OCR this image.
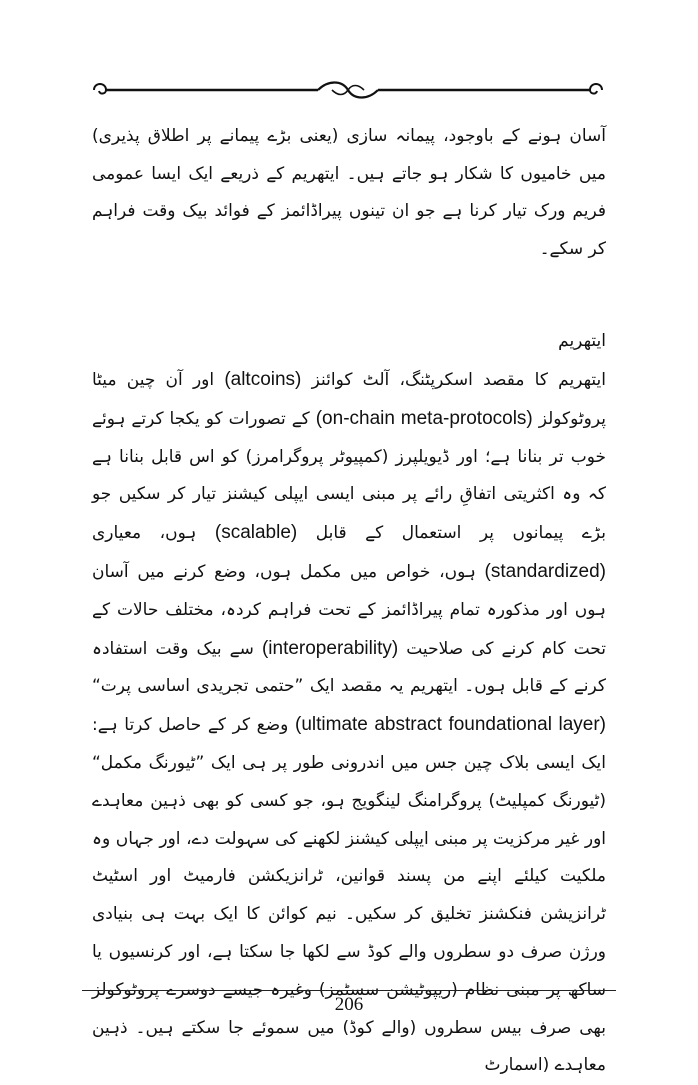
آسان ہونے کے باوجود، پیمانہ سازی (یعنی بڑے پیمانے پر اطلاق پذیری) میں خامیوں کا شکار ہو جاتے ہیں۔ ایتھریم کے ذریعے ایک ایسا عمومی فریم ورک تیار کرنا ہے جو ان تینوں پیراڈائمز کے فوائد بیک وقت فراہم کر سکے۔

ایتھریم

ایتھریم کا مقصد اسکرپٹنگ، آلٹ کوائنز (altcoins) اور آن چین میٹا پروٹوکولز (on-chain meta-protocols) کے تصورات کو یکجا کرتے ہوئے خوب تر بنانا ہے؛ اور ڈیویلپرز (کمپیوٹر پروگرامرز) کو اس قابل بنانا ہے کہ وہ اکثریتی اتفاقِ رائے پر مبنی ایسی ایپلی کیشنز تیار کر سکیں جو بڑے پیمانوں پر استعمال کے قابل (scalable) ہوں، معیاری (standardized) ہوں، خواص میں مکمل ہوں، وضع کرنے میں آسان ہوں اور مذکورہ تمام پیراڈائمز کے تحت فراہم کردہ، مختلف حالات کے تحت کام کرنے کی صلاحیت (interoperability) سے بیک وقت استفادہ کرنے کے قابل ہوں۔ ایتھریم یہ مقصد ایک ”حتمی تجریدی اساسی پرت“ (ultimate abstract foundational layer) وضع کر کے حاصل کرتا ہے: ایک ایسی بلاک چین جس میں اندرونی طور پر ہی ایک ”ٹیورنگ مکمل“ (ٹیورنگ کمپلیٹ) پروگرامنگ لینگویج ہو، جو کسی کو بھی ذہین معاہدے اور غیر مرکزیت پر مبنی ایپلی کیشنز لکھنے کی سہولت دے، اور جہاں وہ ملکیت کیلئے اپنے من پسند قوانین، ٹرانزیکشن فارمیٹ اور اسٹیٹ ٹرانزیشن فنکشنز تخلیق کر سکیں۔ نیم کوائن کا ایک بہت ہی بنیادی ورژن صرف دو سطروں والے کوڈ سے لکھا جا سکتا ہے، اور کرنسیوں یا ساکھ پر مبنی نظام (ریپوٹیشن سسٹمز) وغیرہ جیسے دوسرے پروٹوکولز بھی صرف بیس سطروں (والے کوڈ) میں سموئے جا سکتے ہیں۔ ذہین معاہدے (اسمارٹ

206
